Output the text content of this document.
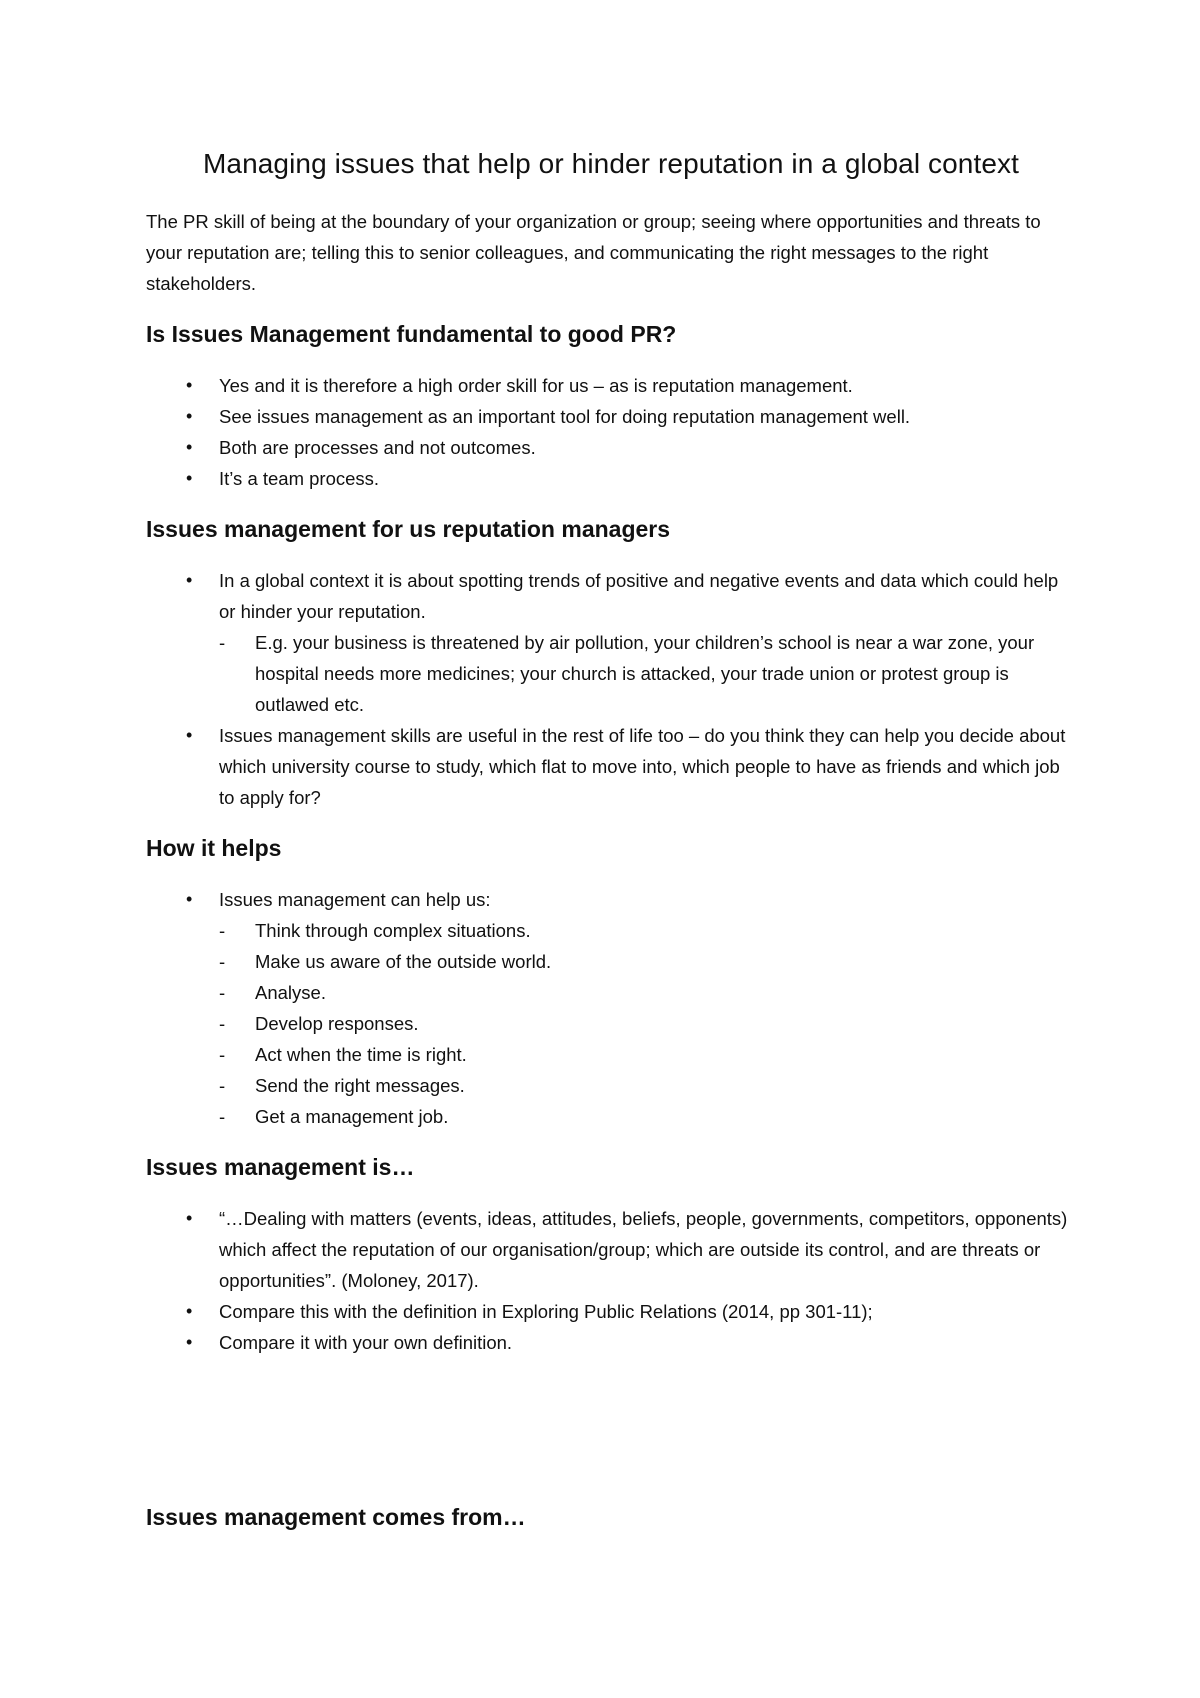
Managing issues that help or hinder reputation in a global context

The PR skill of being at the boundary of your organization or group; seeing where opportunities and threats to your reputation are; telling this to senior colleagues, and communicating the right messages to the right stakeholders.

Is Issues Management fundamental to good PR?
• Yes and it is therefore a high order skill for us – as is reputation management.
• See issues management as an important tool for doing reputation management well.
• Both are processes and not outcomes.
• It’s a team process.
Issues management for us reputation managers
• In a global context it is about spotting trends of positive and negative events and data which could help or hinder your reputation.
- E.g. your business is threatened by air pollution, your children’s school is near a war zone, your hospital needs more medicines; your church is attacked, your trade union or protest group is outlawed etc.
• Issues management skills are useful in the rest of life too – do you think they can help you decide about which university course to study, which flat to move into, which people to have as friends and which job to apply for?
How it helps
• Issues management can help us:
- Think through complex situations.
- Make us aware of the outside world.
- Analyse.
- Develop responses.
- Act when the time is right.
- Send the right messages.
- Get a management job.
Issues management is…
• “…Dealing with matters (events, ideas, attitudes, beliefs, people, governments, competitors, opponents) which affect the reputation of our organisation/group; which are outside its control, and are threats or opportunities”. (Moloney, 2017).
• Compare this with the definition in Exploring Public Relations (2014, pp 301-11);
• Compare it with your own definition.
Issues management comes from…
